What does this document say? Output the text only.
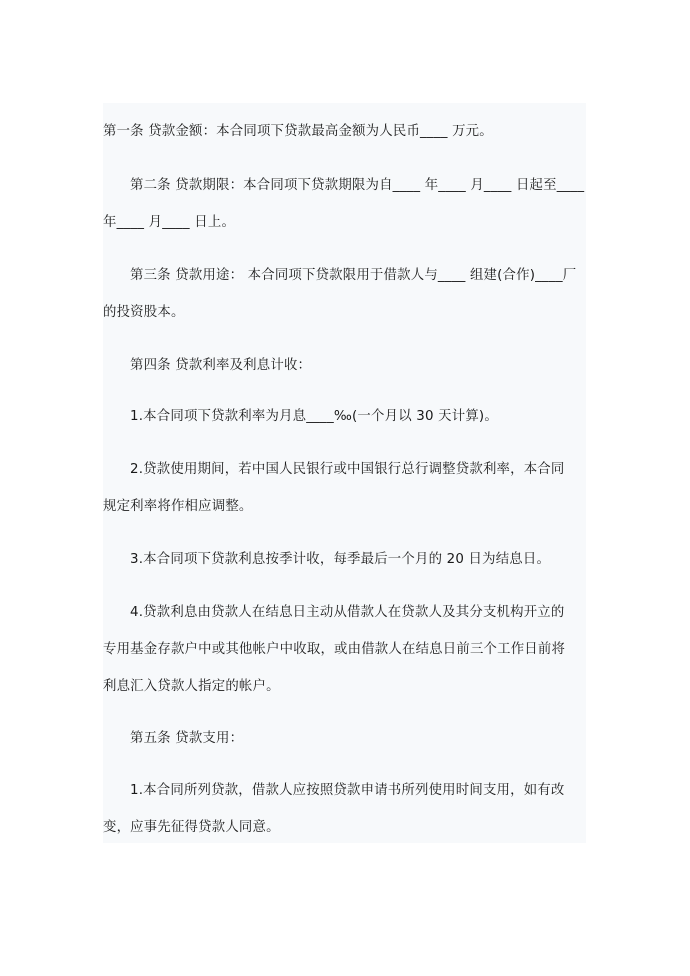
第一条 贷款金额：本合同项下贷款最高金额为人民币____ 万元。

第二条 贷款期限：本合同项下贷款期限为自____ 年____ 月____ 日起至____
年____ 月____ 日上。

第三条 贷款用途： 本合同项下贷款限用于借款人与____ 组建(合作)____厂
的投资股本。

第四条 贷款利率及利息计收：

1.本合同项下贷款利率为月息____‰(一个月以 30 天计算)。

2.贷款使用期间，若中国人民银行或中国银行总行调整贷款利率，本合同
规定利率将作相应调整。

3.本合同项下贷款利息按季计收，每季最后一个月的 20 日为结息日。

4.贷款利息由贷款人在结息日主动从借款人在贷款人及其分支机构开立的
专用基金存款户中或其他帐户中收取，或由借款人在结息日前三个工作日前将
利息汇入贷款人指定的帐户。

第五条 贷款支用：

1.本合同所列贷款，借款人应按照贷款申请书所列使用时间支用，如有改
变，应事先征得贷款人同意。
